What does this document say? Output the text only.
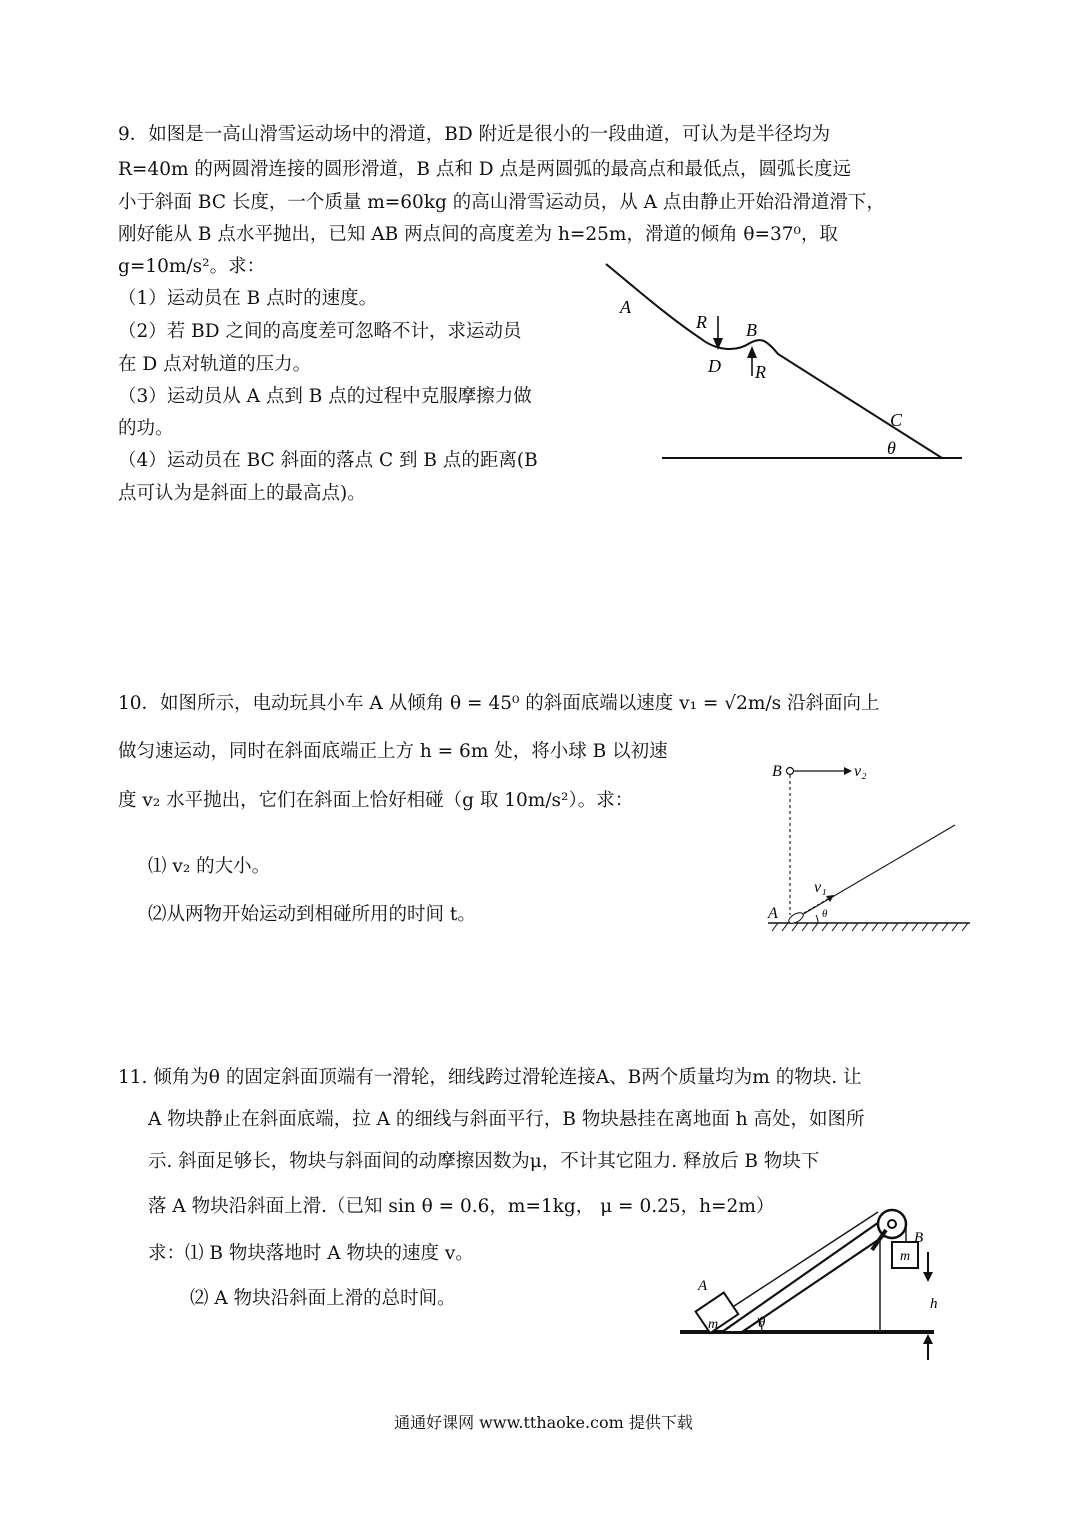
9．如图是一高山滑雪运动场中的滑道，BD 附近是很小的一段曲道，可认为是半径均为
R=40m 的两圆滑连接的圆形滑道，B 点和 D 点是两圆弧的最高点和最低点，圆弧长度远
小于斜面 BC 长度，一个质量 m=60kg 的高山滑雪运动员，从 A 点由静止开始沿滑道滑下，
刚好能从 B 点水平抛出，已知 AB 两点间的高度差为 h=25m，滑道的倾角 θ=37⁰，取
g=10m/s²。求：
（1）运动员在 B 点时的速度。
（2）若 BD 之间的高度差可忽略不计，求运动员
在 D 点对轨道的压力。
（3）运动员从 A 点到 B 点的过程中克服摩擦力做
的功。
（4）运动员在 BC 斜面的落点 C 到 B 点的距离(B
点可认为是斜面上的最高点)。
A
R B
D R
C
θ
10．如图所示，电动玩具小车 A 从倾角 θ = 45⁰ 的斜面底端以速度 v₁ = √2m/s 沿斜面向上
做匀速运动，同时在斜面底端正上方 h = 6m 处，将小球 B 以初速
度 v₂ 水平抛出，它们在斜面上恰好相碰（g 取 10m/s²）。求：
⑴ v₂ 的大小。
⑵从两物开始运动到相碰所用的时间 t。
B	v₂
v₁
A	θ
11. 倾角为θ 的固定斜面顶端有一滑轮，细线跨过滑轮连接A、B两个质量均为m 的物块. 让
A 物块静止在斜面底端，拉 A 的细线与斜面平行，B 物块悬挂在离地面 h 高处，如图所
示. 斜面足够长，物块与斜面间的动摩擦因数为μ，不计其它阻力. 释放后 B 物块下
落 A 物块沿斜面上滑.（已知 sin θ = 0.6，m=1kg， μ = 0.25，h=2m）
求：⑴ B 物块落地时 A 物块的速度 v。
⑵ A 物块沿斜面上滑的总时间。
A
m
B
m
h
θ
通通好课网 www.tthaoke.com 提供下载
